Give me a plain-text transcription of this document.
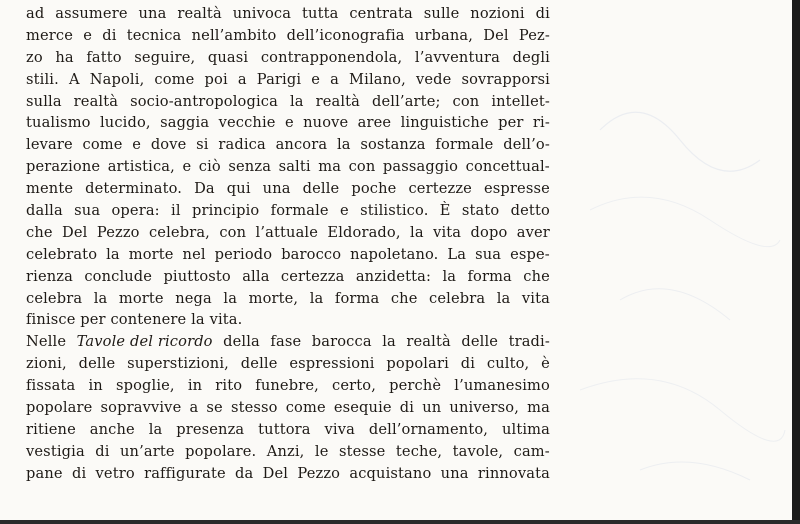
ad assumere una realtà univoca tutta centrata sulle nozioni di
merce e di tecnica nell’ambito dell’iconografia urbana, Del Pez-
zo ha fatto seguire, quasi contrapponendola, l’avventura degli
stili. A Napoli, come poi a Parigi e a Milano, vede sovrapporsi
sulla realtà socio-antropologica la realtà dell’arte; con intellet-
tualismo lucido, saggia vecchie e nuove aree linguistiche per ri-
levare come e dove si radica ancora la sostanza formale dell’o-
perazione artistica, e ciò senza salti ma con passaggio concettual-
mente determinato. Da qui una delle poche certezze espresse
dalla sua opera: il principio formale e stilistico. È stato detto
che Del Pezzo celebra, con l’attuale Eldorado, la vita dopo aver
celebrato la morte nel periodo barocco napoletano. La sua espe-
rienza conclude piuttosto alla certezza anzidetta: la forma che
celebra la morte nega la morte, la forma che celebra la vita
finisce per contenere la vita.
Nelle Tavole del ricordo della fase barocca la realtà delle tradi-
zioni, delle superstizioni, delle espressioni popolari di culto, è
fissata in spoglie, in rito funebre, certo, perchè l’umanesimo
popolare sopravvive a se stesso come esequie di un universo, ma
ritiene anche la presenza tuttora viva dell’ornamento, ultima
vestigia di un’arte popolare. Anzi, le stesse teche, tavole, cam-
pane di vetro raffigurate da Del Pezzo acquistano una rinnovata
